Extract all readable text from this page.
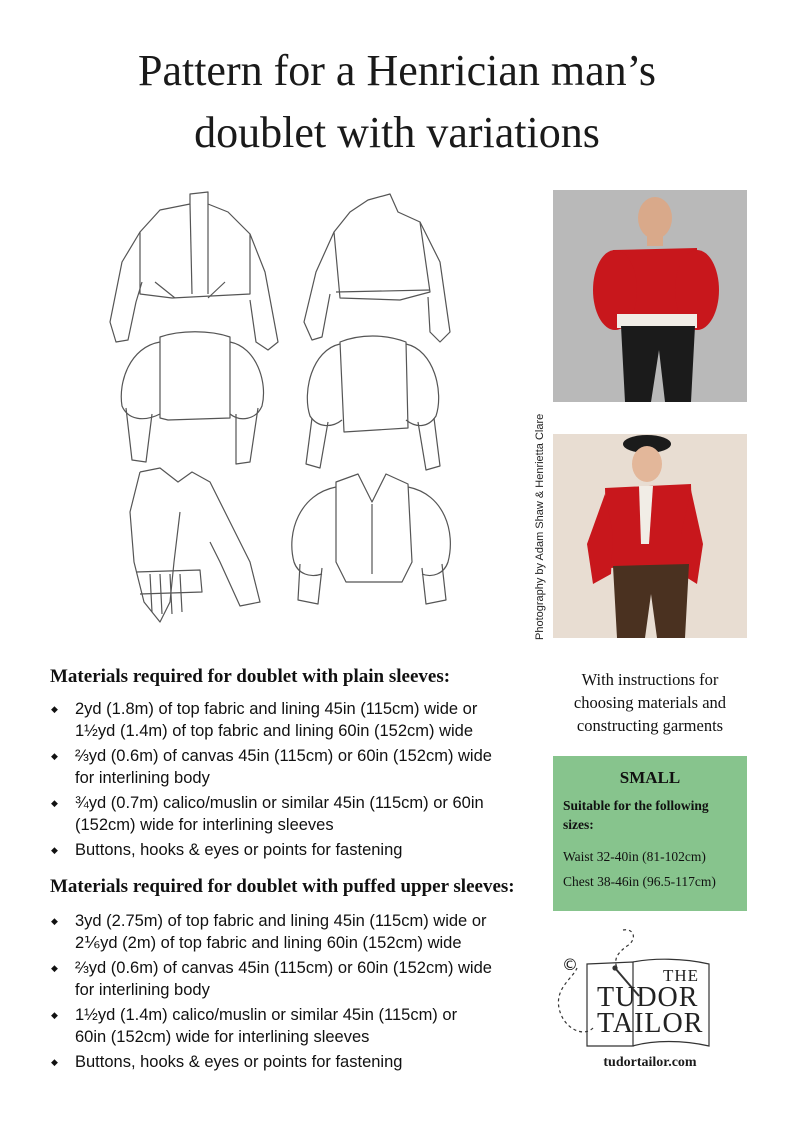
Pattern for a Henrician man’s
doublet with variations
Photography by Adam Shaw & Henrietta Clare
Materials required for doublet with plain sleeves:
◆ 2yd (1.8m) of top fabric and lining 45in (115cm) wide or
1½yd (1.4m) of top fabric and lining 60in (152cm) wide
◆ ⅔yd (0.6m) of canvas 45in (115cm) or 60in (152cm) wide
for interlining body
◆ ¾yd (0.7m) calico/muslin or similar 45in (115cm) or 60in
(152cm) wide for interlining sleeves
◆ Buttons, hooks & eyes or points for fastening
Materials required for doublet with puffed upper sleeves:
◆ 3yd (2.75m) of top fabric and lining 45in (115cm) wide or
2⅙yd (2m) of top fabric and lining 60in (152cm) wide
◆ ⅔yd (0.6m) of canvas 45in (115cm) or 60in (152cm) wide
for interlining body
◆ 1½yd (1.4m) calico/muslin or similar 45in (115cm) or
60in (152cm) wide for interlining sleeves
◆ Buttons, hooks & eyes or points for fastening
With instructions for
choosing materials and
constructing garments
SMALL
Suitable for the following
sizes:
Waist 32-40in (81-102cm)
Chest 38-46in (96.5-117cm)
©
THE
TUDOR
TAILOR
tudortailor.com
